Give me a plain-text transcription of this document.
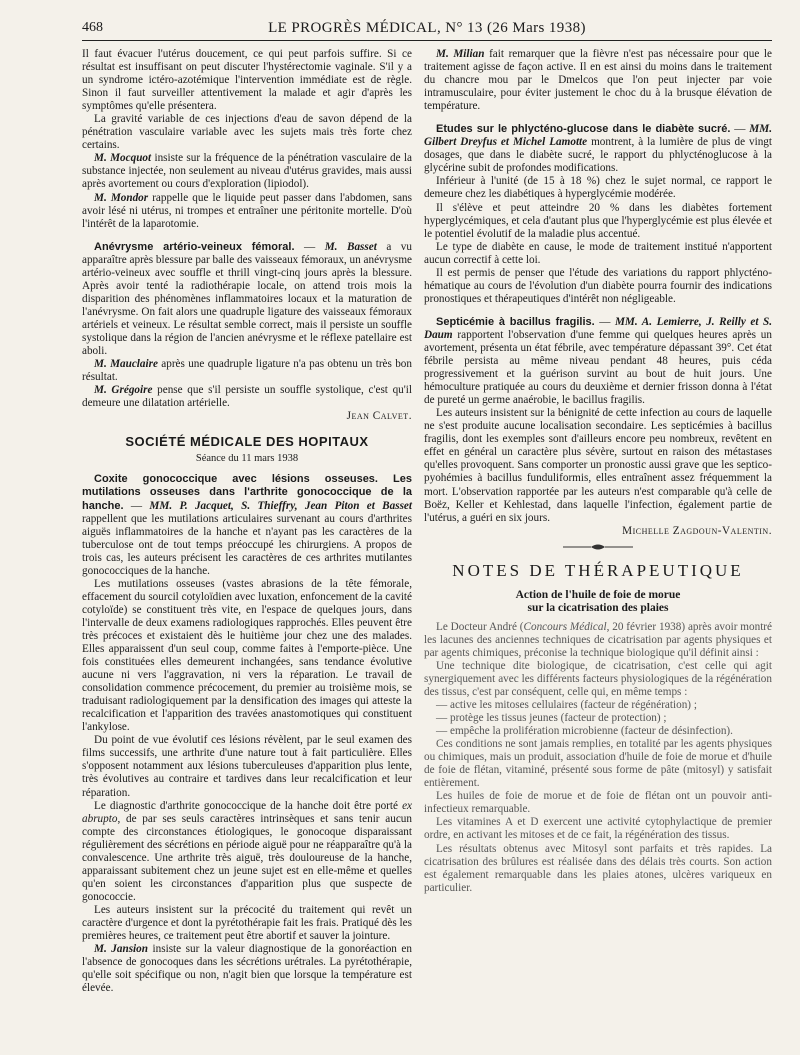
468	LE PROGRÈS MÉDICAL, N° 13 (26 Mars 1938)

Il faut évacuer l'utérus doucement, ce qui peut parfois suffire. Si ce résultat est insuffisant on peut discuter l'hystérectomie vaginale. S'il y a un syndrome ictéro-azotémique l'intervention immédiate est de règle. Sinon il faut surveiller attentivement la malade et agir d'après les symptômes qu'elle présentera.

La gravité variable de ces injections d'eau de savon dépend de la pénétration vasculaire variable avec les sujets mais très forte chez certains.

M. Mocquot insiste sur la fréquence de la pénétration vasculaire de la substance injectée, non seulement au niveau d'utérus gravides, mais aussi après avortement ou cours d'exploration (lipiodol).

M. Mondor rappelle que le liquide peut passer dans l'abdomen, sans avoir lésé ni utérus, ni trompes et entraîner une péritonite mortelle. D'où l'intérêt de la laparotomie.

Anévrysme artério-veineux fémoral. — M. Basset a vu apparaître après blessure par balle des vaisseaux fémoraux, un anévrysme artério-veineux avec souffle et thrill vingt-cinq jours après la blessure. Après avoir tenté la radiothérapie locale, on attend trois mois la disparition des phénomènes inflammatoires locaux et la maturation de l'anévrysme. On fait alors une quadruple ligature des vaisseaux fémoraux artériels et veineux. Le résultat semble correct, mais il persiste un souffle systolique dans la région de l'ancien anévrysme et le réflexe patellaire est aboli.

M. Mauclaire après une quadruple ligature n'a pas obtenu un très bon résultat.

M. Grégoire pense que s'il persiste un souffle systolique, c'est qu'il demeure une dilatation artérielle.

Jean Calvet.

SOCIÉTÉ MÉDICALE DES HOPITAUX
Séance du 11 mars 1938

Coxite gonococcique avec lésions osseuses. Les mutilations osseuses dans l'arthrite gonococcique de la hanche. — MM. P. Jacquet, S. Thieffry, Jean Piton et Basset rappellent que les mutilations articulaires survenant au cours d'arthrites aiguës inflammatoires de la hanche et n'ayant pas les caractères de la tuberculose ont de tout temps préoccupé les chirurgiens. A propos de trois cas, les auteurs précisent les caractères de ces arthrites mutilantes gonococciques de la hanche.

Les mutilations osseuses (vastes abrasions de la tête fémorale, effacement du sourcil cotyloïdien avec luxation, enfoncement de la cavité cotyloïde) se constituent très vite, en l'espace de quelques jours, dans l'intervalle de deux examens radiologiques rapprochés. Elles peuvent être très précoces et existaient dès le huitième jour chez une des malades. Elles apparaissent d'un seul coup, comme faites à l'emporte-pièce. Une fois constituées elles demeurent inchangées, sans tendance évolutive aucune ni vers l'aggravation, ni vers la réparation. Le travail de consolidation commence précocement, du premier au troisième mois, se traduisant radiologiquement par la densification des images qui atteste la recalcification et l'apparition des travées anastomotiques qui constituent l'ankylose.

Du point de vue évolutif ces lésions révèlent, par le seul examen des films successifs, une arthrite d'une nature tout à fait particulière. Elles s'opposent notamment aux lésions tuberculeuses d'apparition plus lente, très évolutives au contraire et tardives dans leur recalcification et leur réparation.

Le diagnostic d'arthrite gonococcique de la hanche doit être porté ex abrupto, de par ses seuls caractères intrinsèques et sans tenir aucun compte des circonstances étiologiques, le gonocoque disparaissant régulièrement des sécrétions en période aiguë pour ne réapparaître qu'à la convalescence. Une arthrite très aiguë, très douloureuse de la hanche, apparaissant subitement chez un jeune sujet est en elle-même et quelles qu'en soient les circonstances d'apparition plus que suspecte de gonococcie.

Les auteurs insistent sur la précocité du traitement qui revêt un caractère d'urgence et dont la pyrétothérapie fait les frais. Pratiqué dès les premières heures, ce traitement peut être abortif et sauver la jointure.

M. Jansion insiste sur la valeur diagnostique de la gonoréaction en l'absence de gonocoques dans les sécrétions urétrales. La pyrétothérapie, qu'elle soit spécifique ou non, n'agit bien que lorsque la température est élevée.

M. Milian fait remarquer que la fièvre n'est pas nécessaire pour que le traitement agisse de façon active. Il en est ainsi du moins dans le traitement du chancre mou par le Dmelcos que l'on peut injecter par voie intramusculaire, pour éviter justement le choc du à la brusque élévation de température.

Etudes sur le phlycténo-glucose dans le diabète sucré. — MM. Gilbert Dreyfus et Michel Lamotte montrent, à la lumière de plus de vingt dosages, que dans le diabète sucré, le rapport du phlycténoglucose à la glycérine subit de profondes modifications.

Inférieur à l'unité (de 15 à 18 %) chez le sujet normal, ce rapport le demeure chez les diabétiques à hyperglycémie modérée.

Il s'élève et peut atteindre 20 % dans les diabètes fortement hyperglycémiques, et cela d'autant plus que l'hyperglycémie est plus élevée et le potentiel évolutif de la maladie plus accentué.

Le type de diabète en cause, le mode de traitement institué n'apportent aucun correctif à cette loi.

Il est permis de penser que l'étude des variations du rapport phlycténo-hématique au cours de l'évolution d'un diabète pourra fournir des indications pronostiques et thérapeutiques d'intérêt non négligeable.

Septicémie à bacillus fragilis. — MM. A. Lemierre, J. Reilly et S. Daum rapportent l'observation d'une femme qui quelques heures après un avortement, présenta un état fébrile, avec température dépassant 39°. Cet état fébrile persista au même niveau pendant 48 heures, puis céda progressivement et la guérison survint au bout de huit jours. Une hémoculture pratiquée au cours du deuxième et dernier frisson donna à l'état de pureté un germe anaérobie, le bacillus fragilis.

Les auteurs insistent sur la bénignité de cette infection au cours de laquelle ne s'est produite aucune localisation secondaire. Les septicémies à bacillus fragilis, dont les exemples sont d'ailleurs encore peu nombreux, revêtent en effet en général un caractère plus sévère, surtout en raison des métastases qu'elles provoquent. Sans comporter un pronostic aussi grave que les septico-pyohémies à bacillus funduliformis, elles entraînent assez fréquemment la mort. L'observation rapportée par les auteurs n'est comparable qu'à celle de Boëz, Keller et Kehlestad, dans laquelle l'infection, également partie de l'utérus, a guéri en six jours.

Michelle Zagdoun-Valentin.

NOTES DE THÉRAPEUTIQUE
Action de l'huile de foie de morue
sur la cicatrisation des plaies

Le Docteur André (Concours Médical, 20 février 1938) après avoir montré les lacunes des anciennes techniques de cicatrisation par agents physiques et par agents chimiques, préconise la technique biologique qu'il définit ainsi :

Une technique dite biologique, de cicatrisation, c'est celle qui agit synergiquement avec les différents facteurs physiologiques de la régénération des tissus, c'est par conséquent, celle qui, en même temps :

— active les mitoses cellulaires (facteur de régénération) ;

— protège les tissus jeunes (facteur de protection) ;

— empêche la prolifération microbienne (facteur de désinfection).

Ces conditions ne sont jamais remplies, en totalité par les agents physiques ou chimiques, mais un produit, association d'huile de foie de morue et d'huile de foie de flétan, vitaminé, présenté sous forme de pâte (mitosyl) y satisfait entièrement.

Les huiles de foie de morue et de foie de flétan ont un pouvoir anti-infectieux remarquable.

Les vitamines A et D exercent une activité cytophylactique de premier ordre, en activant les mitoses et de ce fait, la régénération des tissus.

Les résultats obtenus avec Mitosyl sont parfaits et très rapides. La cicatrisation des brûlures est réalisée dans des délais très courts. Son action est également remarquable dans les plaies atones, ulcères variqueux en particulier.
